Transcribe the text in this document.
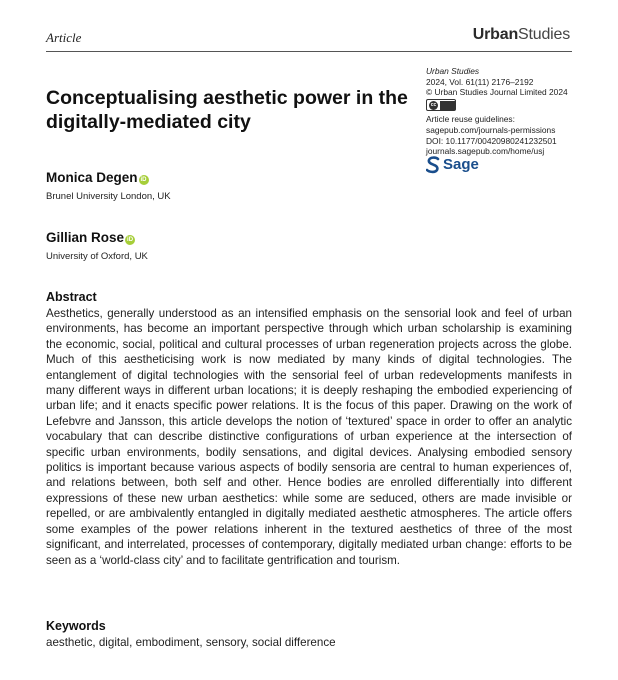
Article	UrbanStudies
Conceptualising aesthetic power in the digitally-mediated city
Urban Studies
2024, Vol. 61(11) 2176–2192
© Urban Studies Journal Limited 2024
cc
Article reuse guidelines:
sagepub.com/journals-permissions
DOI: 10.1177/00420980241232501
journals.sagepub.com/home/usj
Sage
Monica Degen iD
Brunel University London, UK
Gillian Rose iD
University of Oxford, UK
Abstract

Aesthetics, generally understood as an intensified emphasis on the sensorial look and feel of urban environments, has become an important perspective through which urban scholarship is examining the economic, social, political and cultural processes of urban regeneration projects across the globe. Much of this aestheticising work is now mediated by many kinds of digital technologies. The entanglement of digital technologies with the sensorial feel of urban redevelopments manifests in many different ways in different urban locations; it is deeply reshaping the embodied experiencing of urban life; and it enacts specific power relations. It is the focus of this paper. Drawing on the work of Lefebvre and Jansson, this article develops the notion of ‘textured’ space in order to offer an analytic vocabulary that can describe distinctive configurations of urban experience at the intersection of specific urban environments, bodily sensations, and digital devices. Analysing embodied sensory politics is important because various aspects of bodily sensoria are central to human experiences of, and relations between, both self and other. Hence bodies are enrolled differentially into different expressions of these new urban aesthetics: while some are seduced, others are made invisible or repelled, or are ambivalently entangled in digitally mediated aesthetic atmospheres. The article offers some examples of the power relations inherent in the textured aesthetics of three of the most significant, and interrelated, processes of contemporary, digitally mediated urban change: efforts to be seen as a ‘world-class city’ and to facilitate gentrification and tourism.

Keywords

aesthetic, digital, embodiment, sensory, social difference
